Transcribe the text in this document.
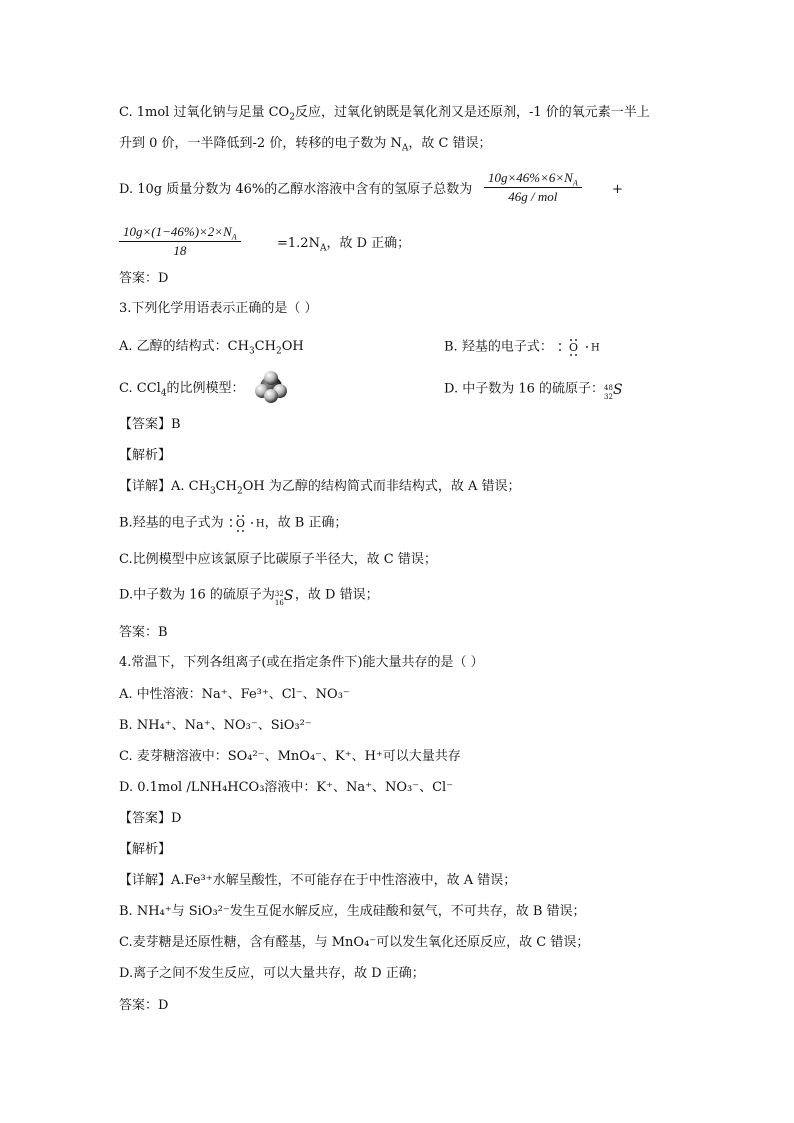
C. 1mol 过氧化钠与足量 $CO_2$反应，过氧化钠既是氧化剂又是还原剂，-1 价的氧元素一半上
升到 0 价，一半降低到-2 价，转移的电子数为 $N_A$，故 C 错误；
D. 10g 质量分数为 46%的乙醇水溶液中含有的氢原子总数为
$10g\times 46\%\times 6\times N_A$
46g / mol	+
$\frac{10g\times(1-46\%)\times 2\times N_A}{18}$	$=1.2N_A$，故 D 正确；
答案：D
3.下列化学用语表示正确的是（ ）
A. 乙醇的结构式：$CH_3CH_2OH$	B. 羟基的电子式： O H
C. CCl$_4$的比例模型：	D. 中子数为 16 的硫原子： 48
32 S
【答案】B
【解析】
【详解】A. $CH_3CH_2OH$ 为乙醇的结构简式而非结构式，故 A 错误；
B.羟基的电子式为 O H，故 B 正确；
C.比例模型中应该氯原子比碳原子半径大，故 C 错误；
D.中子数为 16 的硫原子为 32
16 S ，故 D 错误；
答案：B
4.常温下，下列各组离子(或在指定条件下)能大量共存的是（ ）
A. 中性溶液：Na⁺、Fe³⁺、Cl⁻、NO₃⁻
B. NH₄⁺、Na⁺、NO₃⁻、SiO₃²⁻
C. 麦芽糖溶液中：SO₄²⁻、MnO₄⁻、K⁺、H⁺可以大量共存
D. 0.1mol /LNH₄HCO₃溶液中：K⁺、Na⁺、NO₃⁻、Cl⁻
【答案】D
【解析】
【详解】A.Fe³⁺水解呈酸性，不可能存在于中性溶液中，故 A 错误；
B. NH₄⁺与 SiO₃²⁻发生互促水解反应，生成硅酸和氨气，不可共存，故 B 错误；
C.麦芽糖是还原性糖，含有醛基，与 MnO₄⁻可以发生氧化还原反应，故 C 错误；
D.离子之间不发生反应，可以大量共存，故 D 正确；
答案：D
